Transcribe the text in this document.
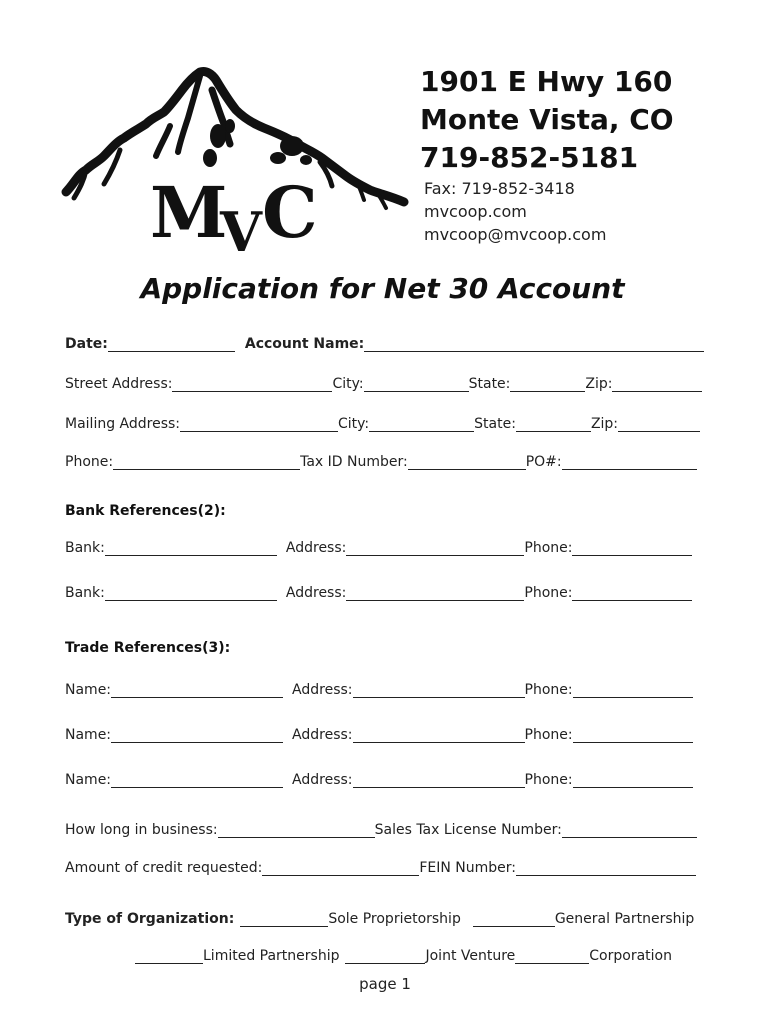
M
V C
1901 E Hwy 160
Monte Vista, CO
719-852-5181
Fax: 719-852-3418
mvcoop.com
mvcoop@mvcoop.com
Application for Net 30 Account
Date:	Account Name:
Street Address:	City:	State:	Zip:
Mailing Address:	City:	State:	Zip:
Phone:	Tax ID Number:	PO#:
Bank References(2):
Bank:	Address:	Phone:
Bank:	Address:	Phone:
Trade References(3):
Name:	Address:	Phone:
Name:	Address:	Phone:
Name:	Address:	Phone:
How long in business:	Sales Tax License Number:
Amount of credit requested:	FEIN Number:
Type of Organization:	Sole Proprietorship	General Partnership
Limited Partnership	Joint Venture	Corporation
page 1
